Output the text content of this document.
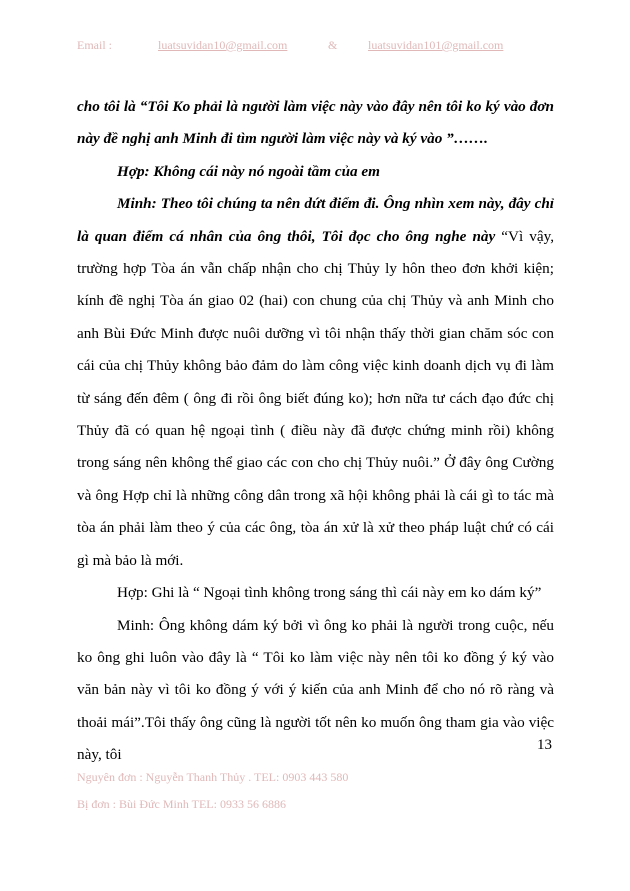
Email :	luatsuvidan10@gmail.com	&	luatsuvidan101@gmail.com

cho tôi là “Tôi Ko phải là người làm việc này vào đây nên tôi ko ký vào đơn này đề nghị anh Minh đi tìm người làm việc này và ký vào ”…….

Hợp: Không cái này nó ngoài tầm của em

Minh: Theo tôi chúng ta nên dứt điểm đi. Ông nhìn xem này, đây chỉ là quan điểm cá nhân của ông thôi, Tôi đọc cho ông nghe này “Vì vậy, trường hợp Tòa án vẫn chấp nhận cho chị Thủy ly hôn theo đơn khởi kiện; kính đề nghị Tòa án giao 02 (hai) con chung của chị Thủy và anh Minh cho anh Bùi Đức Minh được nuôi dưỡng vì tôi nhận thấy thời gian chăm sóc con cái của chị Thủy không bảo đảm do làm công việc kinh doanh dịch vụ đi làm từ sáng đến đêm ( ông đi rồi ông biết đúng ko); hơn nữa tư cách đạo đức chị Thủy đã có quan hệ ngoại tình ( điều này đã được chứng minh rồi) không trong sáng nên không thể giao các con cho chị Thủy nuôi.” Ở đây ông Cường và ông Hợp chỉ là những công dân trong xã hội không phải là cái gì to tác mà tòa án phải làm theo ý của các ông, tòa án xử là xử theo pháp luật chứ có cái gì mà bảo là mới.

Hợp: Ghi là “ Ngoại tình không trong sáng thì cái này em ko dám ký”

Minh: Ông không dám ký bởi vì ông ko phải là người trong cuộc, nếu ko ông ghi luôn vào đây là “ Tôi ko làm việc này nên tôi ko đồng ý ký vào văn bản này vì tôi ko đồng ý với ý kiến của anh Minh để cho nó rõ ràng và thoải mái”.Tôi thấy ông cũng là người tốt nên ko muốn ông tham gia vào việc này, tôi

13
Nguyên đơn : Nguyễn Thanh Thủy . TEL: 0903 443 580
Bị đơn : Bùi Đức Minh TEL: 0933 56 6886
